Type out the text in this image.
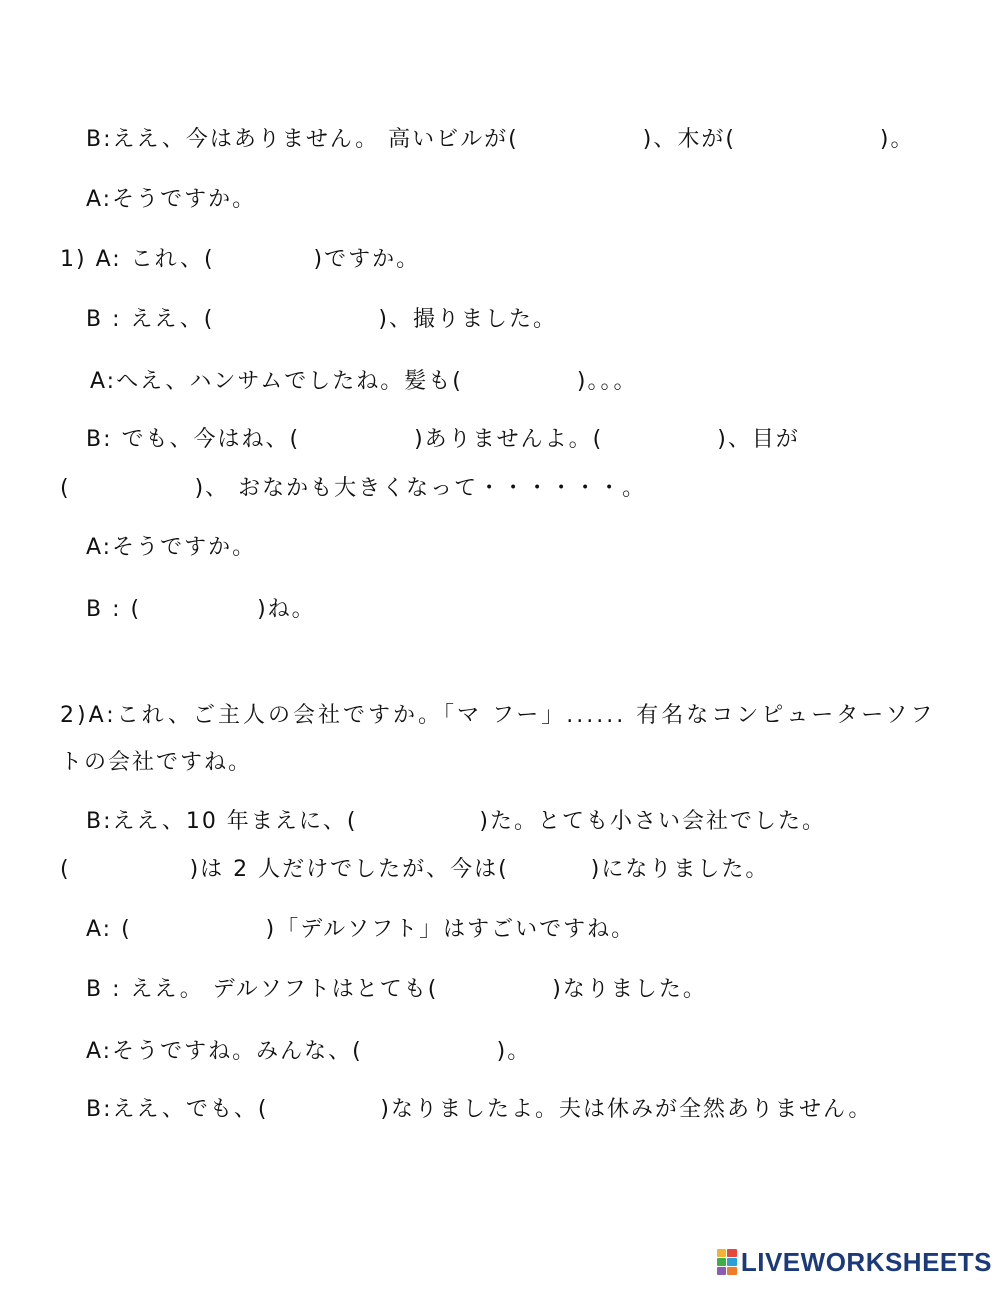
B:ええ、今はありません。 高いビルが(	)、木が(	)。
A:そうですか。
1) A: これ、(	)ですか。
B : ええ、(	)、撮りました。
A:へえ、ハンサムでしたね。髪も(	)。。。
B: でも、今はね、(	)ありませんよ。(	)、目が
(	)、 おなかも大きくなって・・・・・・。
A:そうですか。
B : (	)ね。
2)A:これ、ご主人の会社ですか。「マ フー」...... 有名なコンピューターソフ
トの会社ですね。
B:ええ、10 年まえに、(	)た。とても小さい会社でした。
(	)は 2 人だけでしたが、今は(	)になりました。
A: (	)「デルソフト」はすごいですね。
B : ええ。 デルソフトはとても(	)なりました。
A:そうですね。みんな、(	)。
B:ええ、でも、(	)なりましたよ。夫は休みが全然ありません。
LIVEWORKSHEETS
